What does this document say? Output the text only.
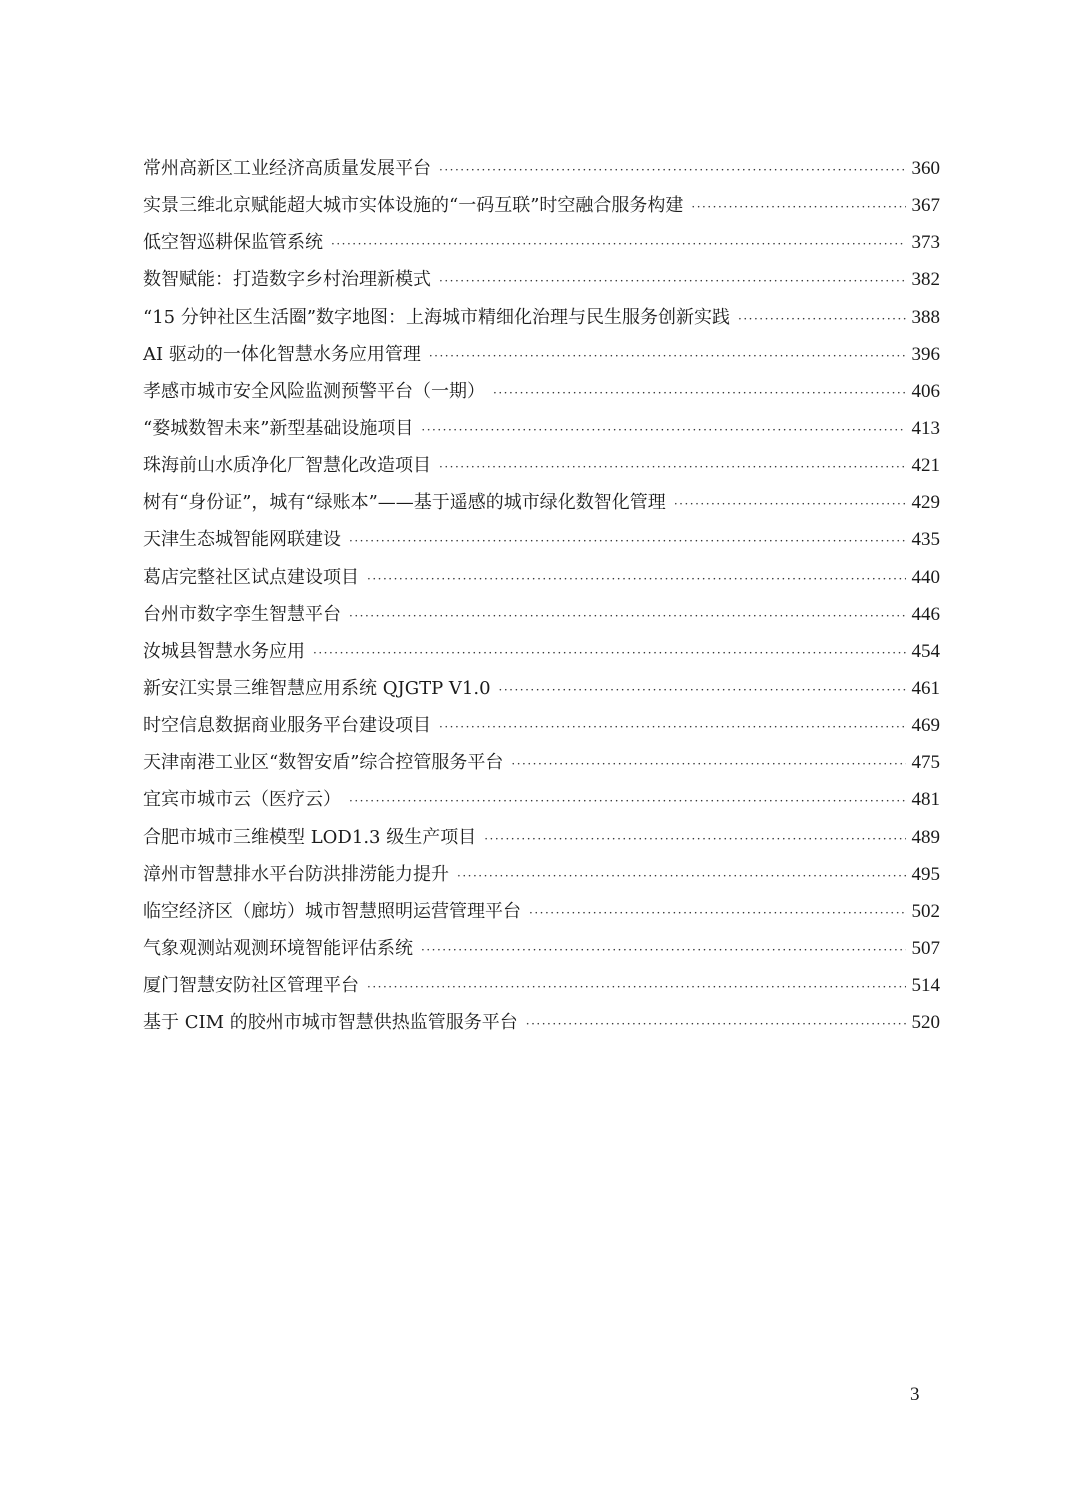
常州高新区工业经济高质量发展平台 ·····	360
实景三维北京赋能超大城市实体设施的“一码互联”时空融合服务构建 ·····	367
低空智巡耕保监管系统 ·····	373
数智赋能：打造数字乡村治理新模式 ·····	382
“15 分钟社区生活圈”数字地图：上海城市精细化治理与民生服务创新实践 ·····	388
AI 驱动的一体化智慧水务应用管理 ·····	396
孝感市城市安全风险监测预警平台（一期） ·····	406
“婺城数智未来”新型基础设施项目 ·····	413
珠海前山水质净化厂智慧化改造项目 ·····	421
树有“身份证”，城有“绿账本”——基于遥感的城市绿化数智化管理 ·····	429
天津生态城智能网联建设 ·····	435
葛店完整社区试点建设项目 ·····	440
台州市数字孪生智慧平台 ·····	446
汝城县智慧水务应用 ·····	454
新安江实景三维智慧应用系统 QJGTP V1.0 ·····	461
时空信息数据商业服务平台建设项目 ·····	469
天津南港工业区“数智安盾”综合控管服务平台 ·····	475
宜宾市城市云（医疗云） ·····	481
合肥市城市三维模型 LOD1.3 级生产项目 ·····	489
漳州市智慧排水平台防洪排涝能力提升 ·····	495
临空经济区（廊坊）城市智慧照明运营管理平台 ·····	502
气象观测站观测环境智能评估系统 ·····	507
厦门智慧安防社区管理平台 ·····	514
基于 CIM 的胶州市城市智慧供热监管服务平台 ·····	520
3
